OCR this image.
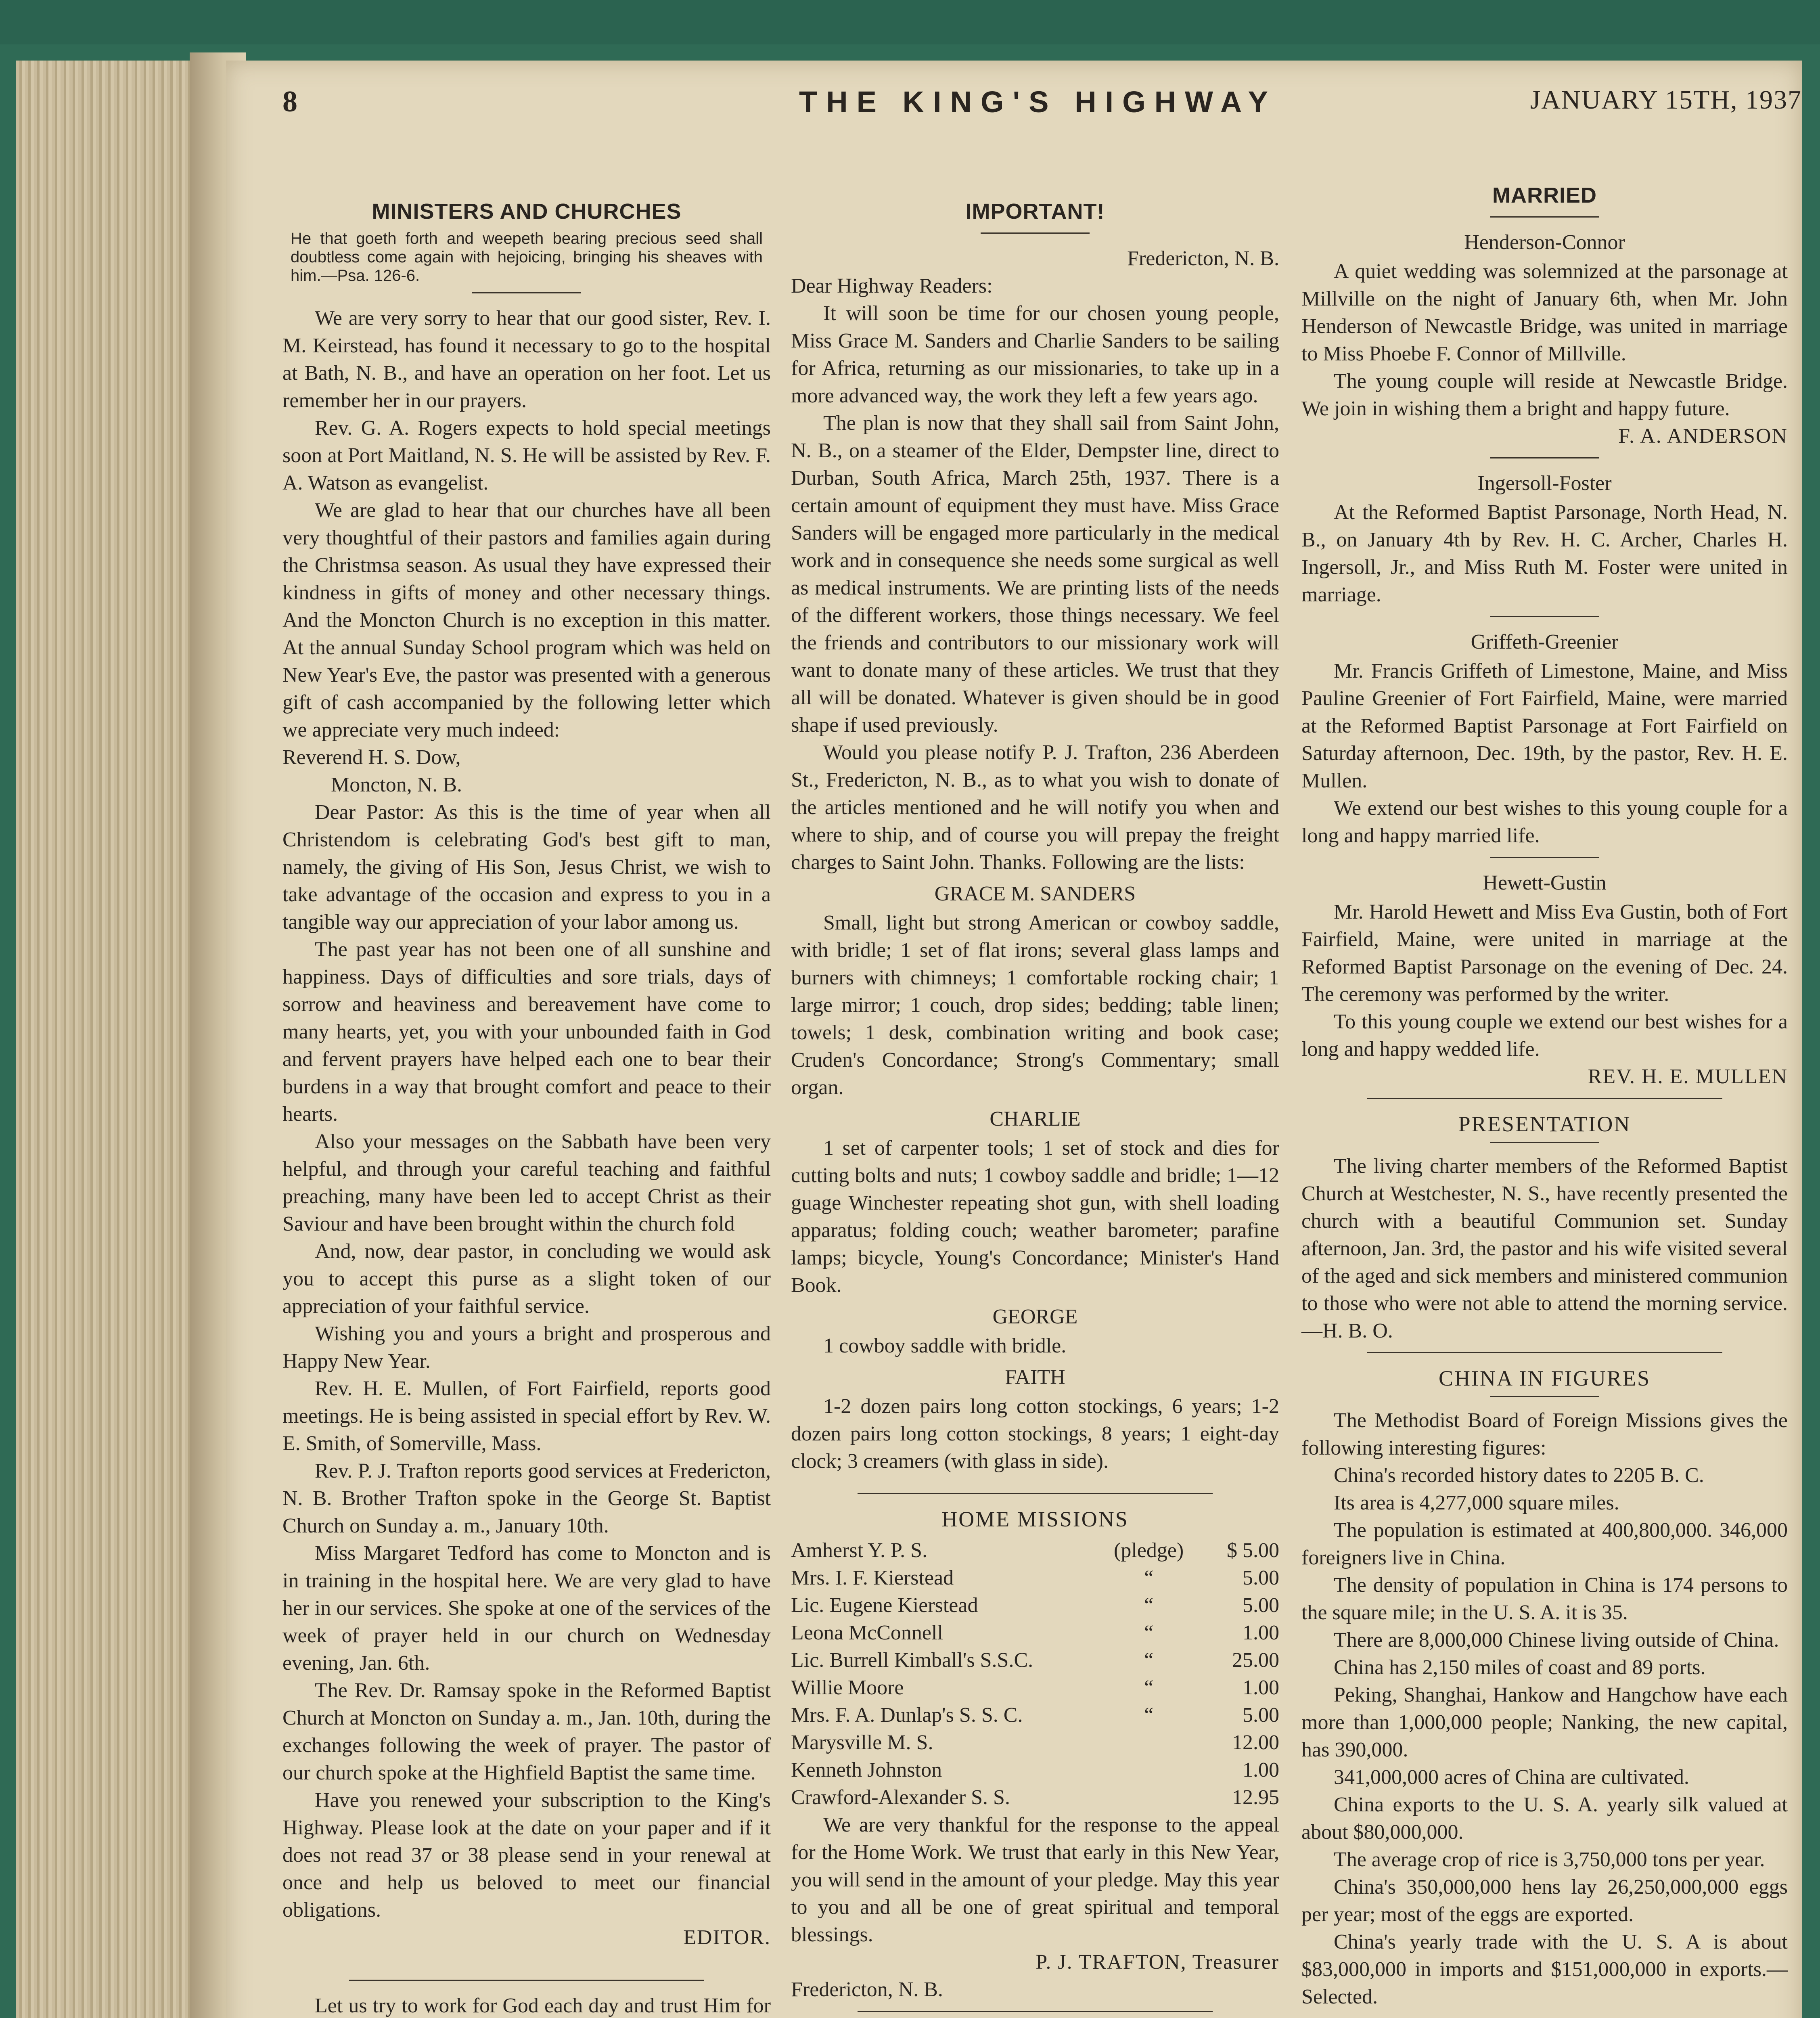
8	THE KING'S HIGHWAY	JANUARY 15TH, 1937
MINISTERS AND CHURCHES
He that goeth forth and weepeth bearing precious seed shall doubtless come again with hejoicing, bringing his sheaves with him.—Psa. 126-6.

We are very sorry to hear that our good sister, Rev. I. M. Keirstead, has found it necessary to go to the hospital at Bath, N. B., and have an operation on her foot. Let us remember her in our prayers.

Rev. G. A. Rogers expects to hold special meetings soon at Port Maitland, N. S. He will be assisted by Rev. F. A. Watson as evangelist.

We are glad to hear that our churches have all been very thoughtful of their pastors and families again during the Christmsa season. As usual they have expressed their kindness in gifts of money and other necessary things. And the Moncton Church is no exception in this matter. At the annual Sunday School program which was held on New Year's Eve, the pastor was presented with a generous gift of cash accompanied by the following letter which we appreciate very much indeed:

Reverend H. S. Dow,

Moncton, N. B.

Dear Pastor: As this is the time of year when all Christendom is celebrating God's best gift to man, namely, the giving of His Son, Jesus Christ, we wish to take advantage of the occasion and express to you in a tangible way our appreciation of your labor among us.

The past year has not been one of all sunshine and happiness. Days of difficulties and sore trials, days of sorrow and heaviness and bereavement have come to many hearts, yet, you with your unbounded faith in God and fervent prayers have helped each one to bear their burdens in a way that brought comfort and peace to their hearts.

Also your messages on the Sabbath have been very helpful, and through your careful teaching and faithful preaching, many have been led to accept Christ as their Saviour and have been brought within the church fold

And, now, dear pastor, in concluding we would ask you to accept this purse as a slight token of our appreciation of your faithful service.

Wishing you and yours a bright and prosperous and Happy New Year.

Rev. H. E. Mullen, of Fort Fairfield, reports good meetings. He is being assisted in special effort by Rev. W. E. Smith, of Somerville, Mass.

Rev. P. J. Trafton reports good services at Fredericton, N. B. Brother Trafton spoke in the George St. Baptist Church on Sunday a. m., January 10th.

Miss Margaret Tedford has come to Moncton and is in training in the hospital here. We are very glad to have her in our services. She spoke at one of the services of the week of prayer held in our church on Wednesday evening, Jan. 6th.

The Rev. Dr. Ramsay spoke in the Reformed Baptist Church at Moncton on Sunday a. m., Jan. 10th, during the exchanges following the week of prayer. The pastor of our church spoke at the Highfield Baptist the same time.

Have you renewed your subscription to the King's Highway. Please look at the date on your paper and if it does not read 37 or 38 please send in your renewal at once and help us beloved to meet our financial obligations.

EDITOR.

Let us try to work for God each day and trust Him for

IMPORTANT!
Fredericton, N. B.

Dear Highway Readers:

It will soon be time for our chosen young people, Miss Grace M. Sanders and Charlie Sanders to be sailing for Africa, returning as our missionaries, to take up in a more advanced way, the work they left a few years ago.

The plan is now that they shall sail from Saint John, N. B., on a steamer of the Elder, Dempster line, direct to Durban, South Africa, March 25th, 1937. There is a certain amount of equipment they must have. Miss Grace Sanders will be engaged more particularly in the medical work and in consequence she needs some surgical as well as medical instruments. We are printing lists of the needs of the different workers, those things necessary. We feel the friends and contributors to our missionary work will want to donate many of these articles. We trust that they all will be donated. Whatever is given should be in good shape if used previously.

Would you please notify P. J. Trafton, 236 Aberdeen St., Fredericton, N. B., as to what you wish to donate of the articles mentioned and he will notify you when and where to ship, and of course you will prepay the freight charges to Saint John. Thanks. Following are the lists:

GRACE M. SANDERS

Small, light but strong American or cowboy saddle, with bridle; 1 set of flat irons; several glass lamps and burners with chimneys; 1 comfortable rocking chair; 1 large mirror; 1 couch, drop sides; bedding; table linen; towels; 1 desk, combination writing and book case; Cruden's Concordance; Strong's Commentary; small organ.

CHARLIE

1 set of carpenter tools; 1 set of stock and dies for cutting bolts and nuts; 1 cowboy saddle and bridle; 1—12 guage Winchester repeating shot gun, with shell loading apparatus; folding couch; weather barometer; parafine lamps; bicycle, Young's Concordance; Minister's Hand Book.

GEORGE

1 cowboy saddle with bridle.

FAITH

1-2 dozen pairs long cotton stockings, 6 years; 1-2 dozen pairs long cotton stockings, 8 years; 1 eight-day clock; 3 creamers (with glass in side).

HOME MISSIONS
Amherst Y. P. S.	(pledge)	$ 5.00
Mrs. I. F. Kierstead	“	5.00
Lic. Eugene Kierstead	“	5.00
Leona McConnell	“	1.00
Lic. Burrell Kimball's S.S.C.	“	25.00
Willie Moore	“	1.00
Mrs. F. A. Dunlap's S. S. C.	“	5.00
Marysville M. S.		12.00
Kenneth Johnston		1.00
Crawford-Alexander S. S.		12.95

We are very thankful for the response to the appeal for the Home Work. We trust that early in this New Year, you will send in the amount of your pledge. May this year to you and all be one of great spiritual and temporal blessings.

P. J. TRAFTON, Treasurer

Fredericton, N. B.

MARRIED
Henderson-Connor

A quiet wedding was solemnized at the parsonage at Millville on the night of January 6th, when Mr. John Henderson of Newcastle Bridge, was united in marriage to Miss Phoebe F. Connor of Millville.

The young couple will reside at Newcastle Bridge. We join in wishing them a bright and happy future.

F. A. ANDERSON
Ingersoll-Foster

At the Reformed Baptist Parsonage, North Head, N. B., on January 4th by Rev. H. C. Archer, Charles H. Ingersoll, Jr., and Miss Ruth M. Foster were united in marriage.

Griffeth-Greenier

Mr. Francis Griffeth of Limestone, Maine, and Miss Pauline Greenier of Fort Fairfield, Maine, were married at the Reformed Baptist Parsonage at Fort Fairfield on Saturday afternoon, Dec. 19th, by the pastor, Rev. H. E. Mullen.

We extend our best wishes to this young couple for a long and happy married life.

Hewett-Gustin

Mr. Harold Hewett and Miss Eva Gustin, both of Fort Fairfield, Maine, were united in marriage at the Reformed Baptist Parsonage on the evening of Dec. 24. The ceremony was performed by the writer.

To this young couple we extend our best wishes for a long and happy wedded life.

REV. H. E. MULLEN
PRESENTATION

The living charter members of the Reformed Baptist Church at Westchester, N. S., have recently presented the church with a beautiful Communion set. Sunday afternoon, Jan. 3rd, the pastor and his wife visited several of the aged and sick members and ministered communion to those who were not able to attend the morning service.—H. B. O.

CHINA IN FIGURES

The Methodist Board of Foreign Missions gives the following interesting figures:

China's recorded history dates to 2205 B. C.

Its area is 4,277,000 square miles.

The population is estimated at 400,800,000. 346,000 foreigners live in China.

The density of population in China is 174 persons to the square mile; in the U. S. A. it is 35.

There are 8,000,000 Chinese living outside of China.

China has 2,150 miles of coast and 89 ports.

Peking, Shanghai, Hankow and Hangchow have each more than 1,000,000 people; Nanking, the new capital, has 390,000.

341,000,000 acres of China are cultivated.

China exports to the U. S. A. yearly silk valued at about $80,000,000.

The average crop of rice is 3,750,000 tons per year.

China's 350,000,000 hens lay 26,250,000,000 eggs per year; most of the eggs are exported.

China's yearly trade with the U. S. A is about $83,000,000 in imports and $151,000,000 in exports.—Selected.
